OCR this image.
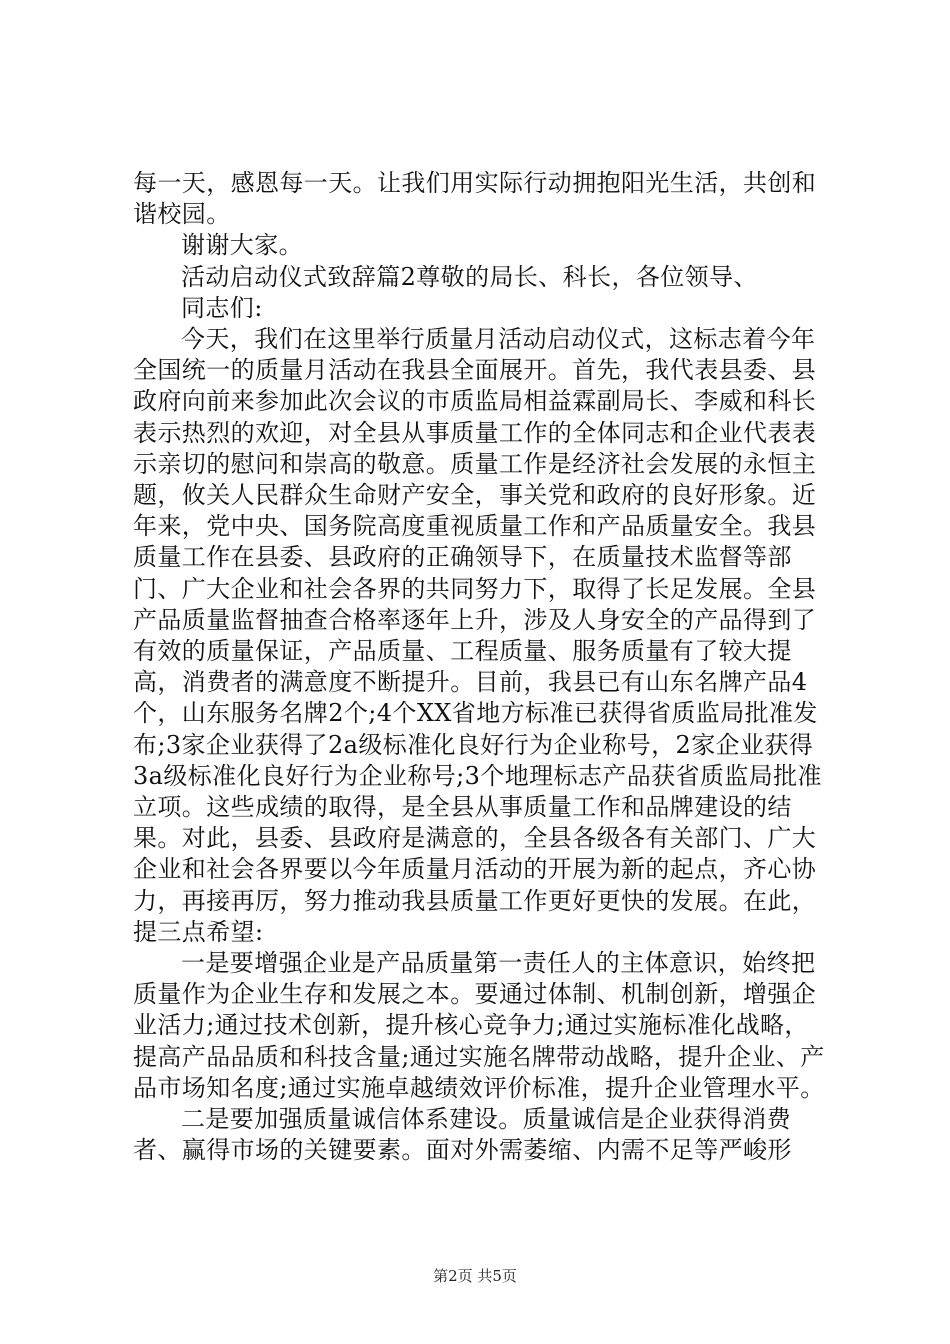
每一天，感恩每一天。让我们用实际行动拥抱阳光生活，共创和谐校园。

谢谢大家。

活动启动仪式致辞篇2尊敬的局长、科长，各位领导、

同志们:

今天，我们在这里举行质量月活动启动仪式，这标志着今年全国统一的质量月活动在我县全面展开。首先，我代表县委、县政府向前来参加此次会议的市质监局相益霖副局长、李威和科长表示热烈的欢迎，对全县从事质量工作的全体同志和企业代表表示亲切的慰问和崇高的敬意。质量工作是经济社会发展的永恒主题，攸关人民群众生命财产安全，事关党和政府的良好形象。近年来，党中央、国务院高度重视质量工作和产品质量安全。我县质量工作在县委、县政府的正确领导下，在质量技术监督等部门、广大企业和社会各界的共同努力下，取得了长足发展。全县产品质量监督抽查合格率逐年上升，涉及人身安全的产品得到了有效的质量保证，产品质量、工程质量、服务质量有了较大提高，消费者的满意度不断提升。目前，我县已有山东名牌产品4个，山东服务名牌2个;4个XX省地方标准已获得省质监局批准发布;3家企业获得了2a级标准化良好行为企业称号，2家企业获得3a级标准化良好行为企业称号;3个地理标志产品获省质监局批准立项。这些成绩的取得，是全县从事质量工作和品牌建设的结果。对此，县委、县政府是满意的，全县各级各有关部门、广大企业和社会各界要以今年质量月活动的开展为新的起点，齐心协力，再接再厉，努力推动我县质量工作更好更快的发展。在此，提三点希望:

一是要增强企业是产品质量第一责任人的主体意识，始终把质量作为企业生存和发展之本。要通过体制、机制创新，增强企业活力;通过技术创新，提升核心竞争力;通过实施标准化战略，提高产品品质和科技含量;通过实施名牌带动战略，提升企业、产品市场知名度;通过实施卓越绩效评价标准，提升企业管理水平。

二是要加强质量诚信体系建设。质量诚信是企业获得消费者、赢得市场的关键要素。面对外需萎缩、内需不足等严峻形

第2页 共5页
